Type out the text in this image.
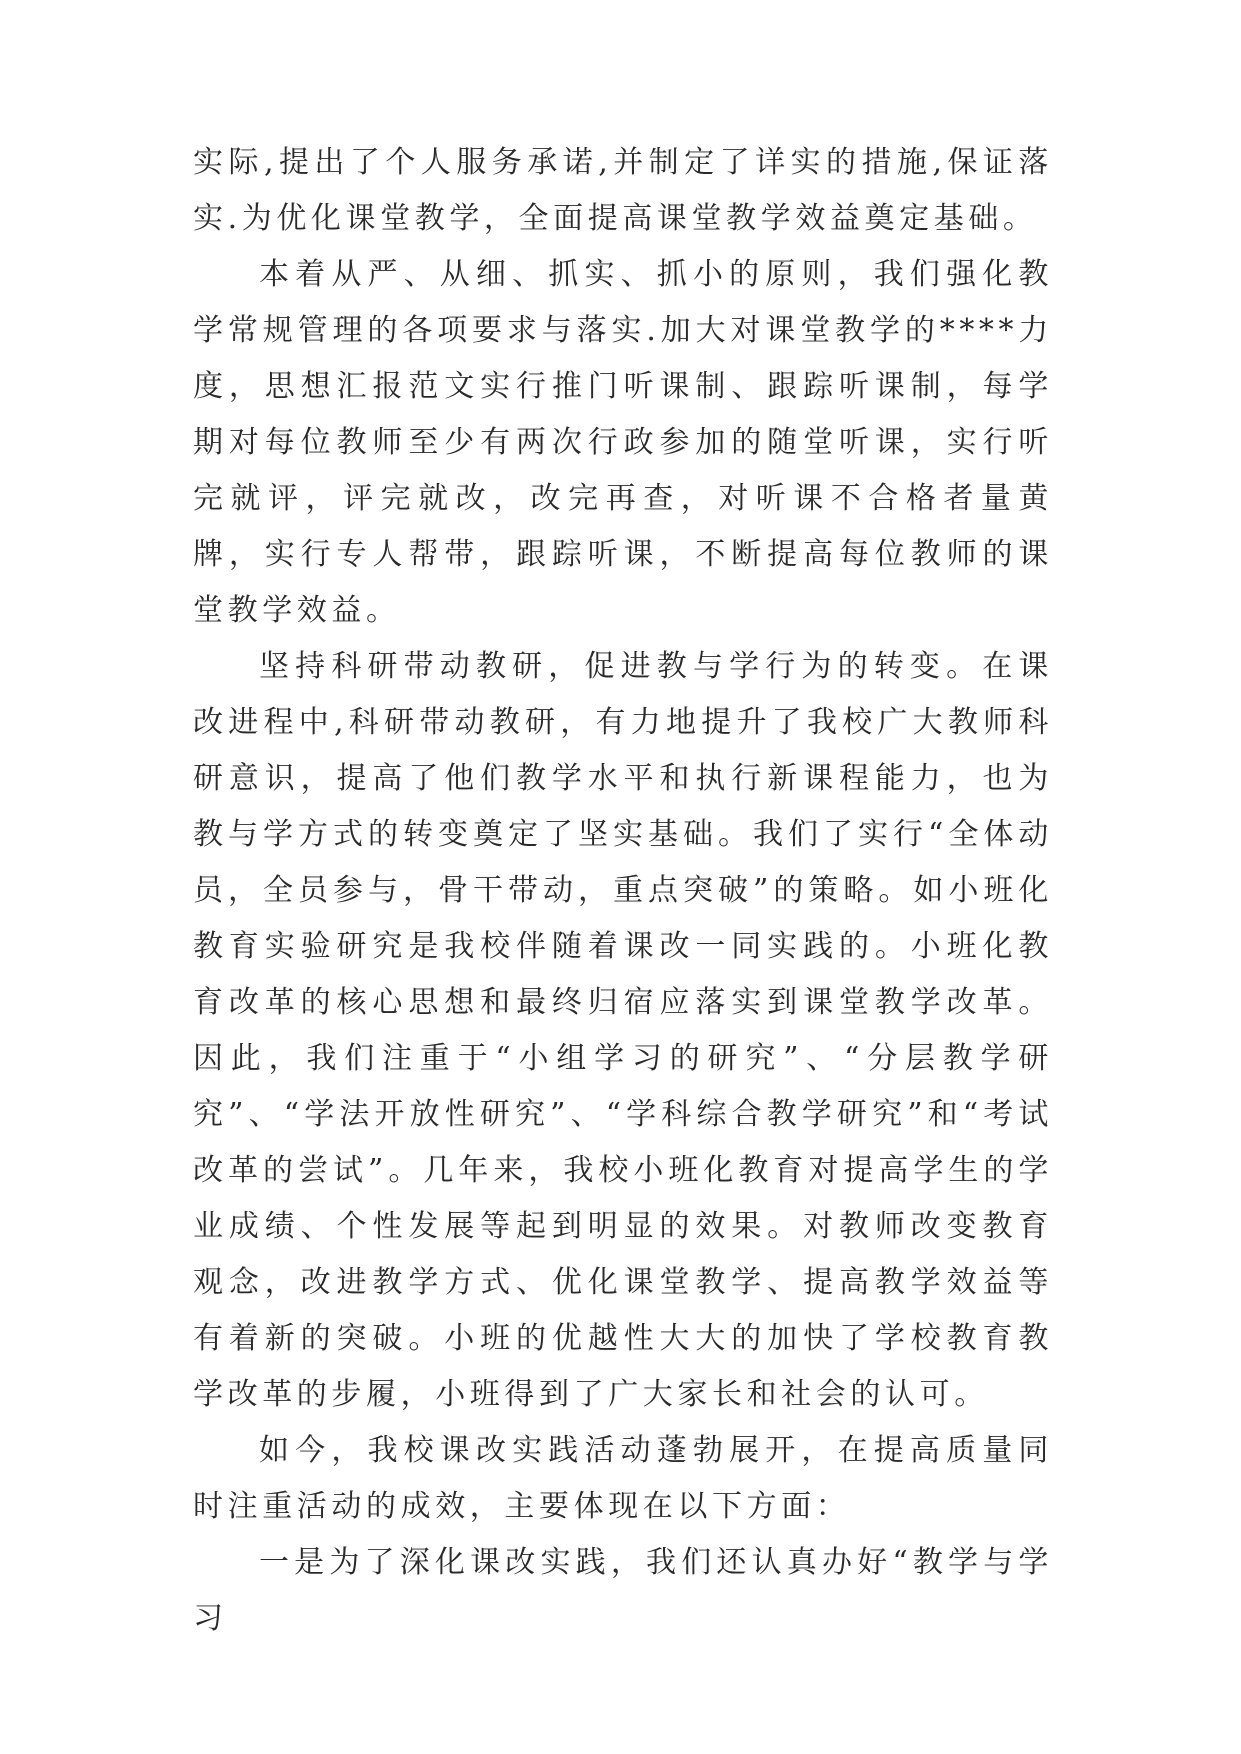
实际,提出了个人服务承诺,并制定了详实的措施,保证落实.为优化课堂教学，全面提高课堂教学效益奠定基础。

本着从严、从细、抓实、抓小的原则，我们强化教学常规管理的各项要求与落实.加大对课堂教学的****力度，思想汇报范文实行推门听课制、跟踪听课制，每学期对每位教师至少有两次行政参加的随堂听课，实行听完就评，评完就改，改完再查，对听课不合格者量黄牌，实行专人帮带，跟踪听课，不断提高每位教师的课堂教学效益。

坚持科研带动教研，促进教与学行为的转变。在课改进程中,科研带动教研，有力地提升了我校广大教师科研意识，提高了他们教学水平和执行新课程能力，也为教与学方式的转变奠定了坚实基础。我们了实行“全体动员，全员参与，骨干带动，重点突破”的策略。如小班化教育实验研究是我校伴随着课改一同实践的。小班化教育改革的核心思想和最终归宿应落实到课堂教学改革。因此，我们注重于“小组学习的研究”、“分层教学研究”、“学法开放性研究”、“学科综合教学研究”和“考试改革的尝试”。几年来，我校小班化教育对提高学生的学业成绩、个性发展等起到明显的效果。对教师改变教育观念，改进教学方式、优化课堂教学、提高教学效益等有着新的突破。小班的优越性大大的加快了学校教育教学改革的步履，小班得到了广大家长和社会的认可。

如今，我校课改实践活动蓬勃展开，在提高质量同时注重活动的成效，主要体现在以下方面：

一是为了深化课改实践，我们还认真办好“教学与学习
